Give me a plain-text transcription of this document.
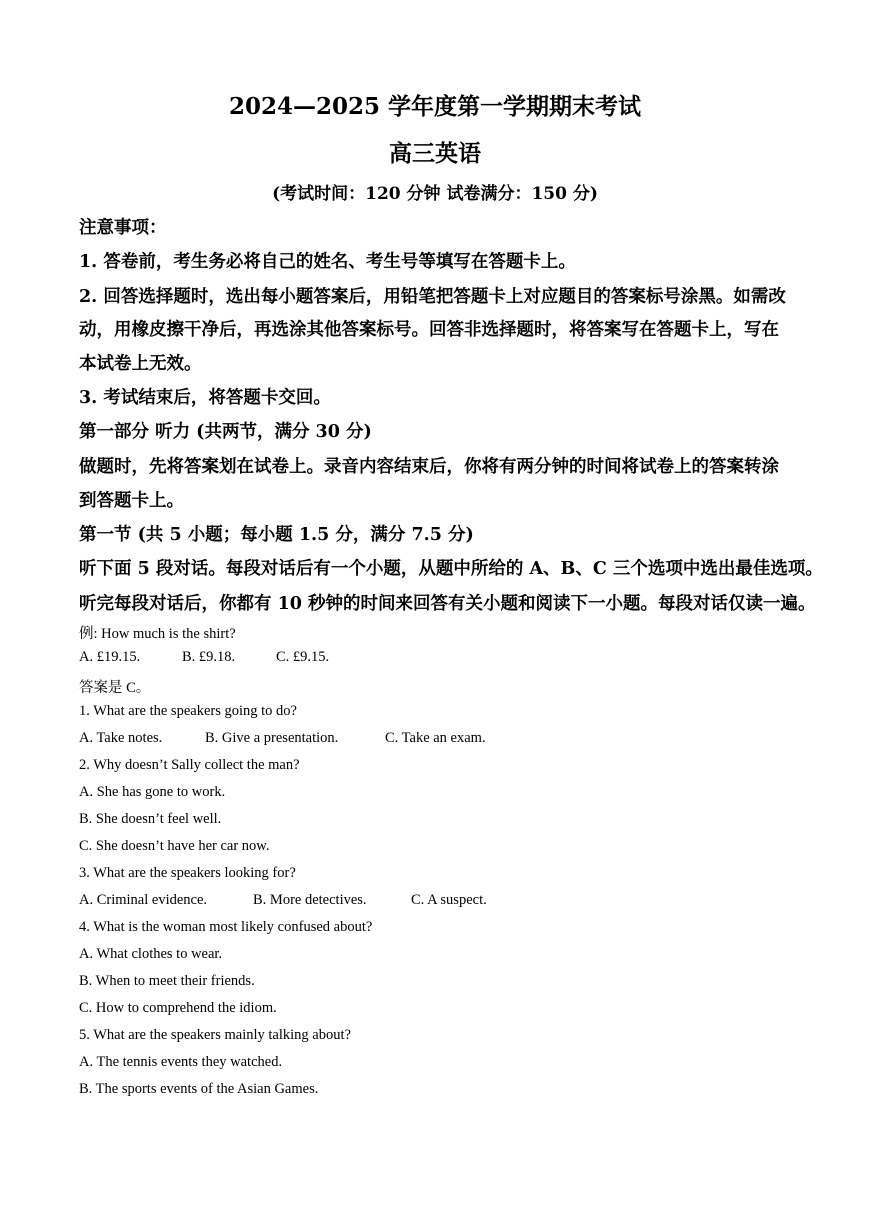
2024—2025 学年度第一学期期末考试
高三英语
(考试时间：120 分钟 试卷满分：150 分)
注意事项：
1. 答卷前，考生务必将自己的姓名、考生号等填写在答题卡上。
2. 回答选择题时，选出每小题答案后，用铅笔把答题卡上对应题目的答案标号涂黑。如需改
动，用橡皮擦干净后，再选涂其他答案标号。回答非选择题时，将答案写在答题卡上，写在
本试卷上无效。
3. 考试结束后，将答题卡交回。
第一部分 听力 (共两节，满分 30 分)
做题时，先将答案划在试卷上。录音内容结束后，你将有两分钟的时间将试卷上的答案转涂
到答题卡上。
第一节 (共 5 小题；每小题 1.5 分，满分 7.5 分)
听下面 5 段对话。每段对话后有一个小题，从题中所给的 A、B、C 三个选项中选出最佳选项。
听完每段对话后，你都有 10 秒钟的时间来回答有关小题和阅读下一小题。每段对话仅读一遍。
例: How much is the shirt?
A. £19.15.	B. £9.18.	C. £9.15.
答案是 C。
1. What are the speakers going to do?
A. Take notes.	B. Give a presentation.	C. Take an exam.
2. Why doesn’t Sally collect the man?
A. She has gone to work.
B. She doesn’t feel well.
C. She doesn’t have her car now.
3. What are the speakers looking for?
A. Criminal evidence.	B. More detectives.	C. A suspect.
4. What is the woman most likely confused about?
A. What clothes to wear.
B. When to meet their friends.
C. How to comprehend the idiom.
5. What are the speakers mainly talking about?
A. The tennis events they watched.
B. The sports events of the Asian Games.
